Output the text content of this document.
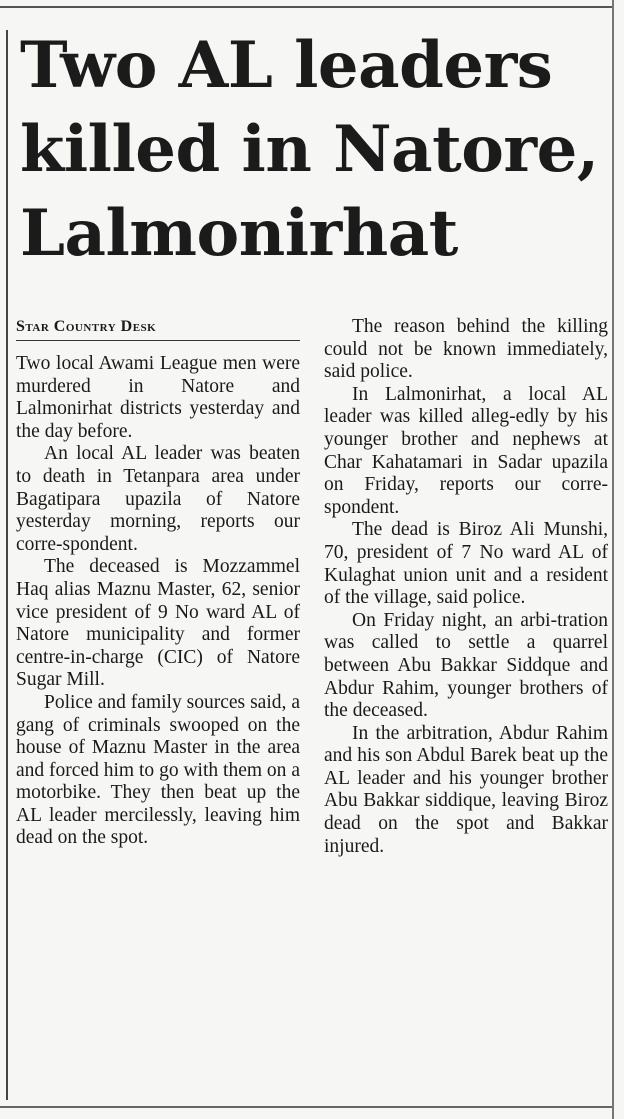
Two AL leaders
killed in Natore,
Lalmonirhat
Star Country Desk

Two local Awami League men were murdered in Natore and Lalmonirhat districts yesterday and the day before.

An local AL leader was beaten to death in Tetanpara area under Bagatipara upazila of Natore yesterday morning, reports our corre-spondent.

The deceased is Mozzammel Haq alias Maznu Master, 62, senior vice president of 9 No ward AL of Natore municipality and former centre-in-charge (CIC) of Natore Sugar Mill.

Police and family sources said, a gang of criminals swooped on the house of Maznu Master in the area and forced him to go with them on a motorbike. They then beat up the AL leader mercilessly, leaving him dead on the spot.

The reason behind the killing could not be known immediately, said police.

In Lalmonirhat, a local AL leader was killed alleg-edly by his younger brother and nephews at Char Kahatamari in Sadar upazila on Friday, reports our corre-spondent.

The dead is Biroz Ali Munshi, 70, president of 7 No ward AL of Kulaghat union unit and a resident of the village, said police.

On Friday night, an arbi-tration was called to settle a quarrel between Abu Bakkar Siddque and Abdur Rahim, younger brothers of the deceased.

In the arbitration, Abdur Rahim and his son Abdul Barek beat up the AL leader and his younger brother Abu Bakkar siddique, leaving Biroz dead on the spot and Bakkar injured.
